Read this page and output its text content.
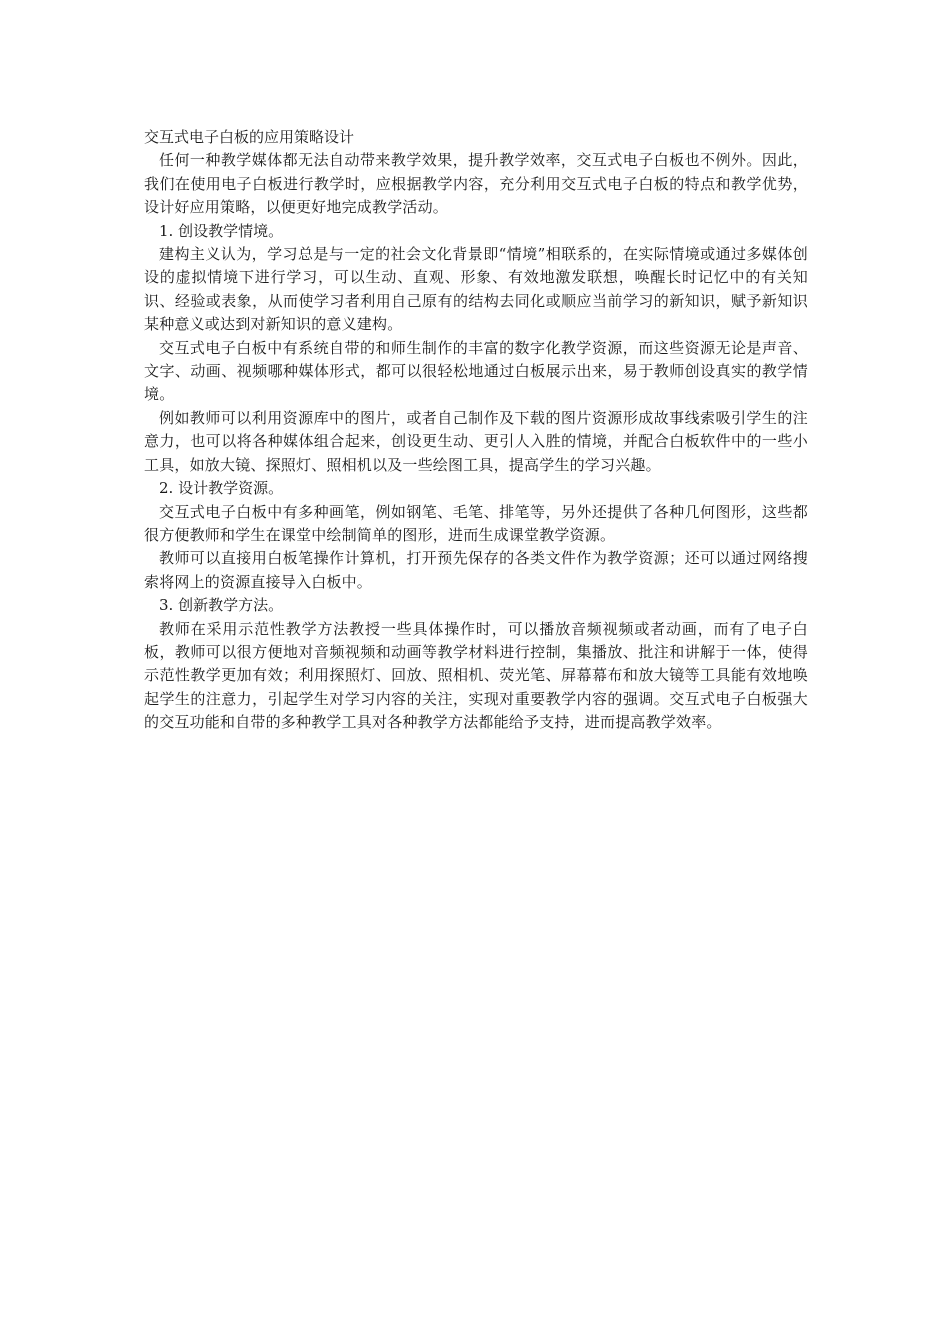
交互式电子白板的应用策略设计

任何一种教学媒体都无法自动带来教学效果，提升教学效率，交互式电子白板也不例外。因此，我们在使用电子白板进行教学时，应根据教学内容，充分利用交互式电子白板的特点和教学优势，设计好应用策略，以便更好地完成教学活动。

1. 创设教学情境。

建构主义认为，学习总是与一定的社会文化背景即“情境”相联系的，在实际情境或通过多媒体创设的虚拟情境下进行学习，可以生动、直观、形象、有效地激发联想，唤醒长时记忆中的有关知识、经验或表象，从而使学习者利用自己原有的结构去同化或顺应当前学习的新知识，赋予新知识某种意义或达到对新知识的意义建构。

交互式电子白板中有系统自带的和师生制作的丰富的数字化教学资源，而这些资源无论是声音、文字、动画、视频哪种媒体形式，都可以很轻松地通过白板展示出来，易于教师创设真实的教学情境。

例如教师可以利用资源库中的图片，或者自己制作及下载的图片资源形成故事线索吸引学生的注意力，也可以将各种媒体组合起来，创设更生动、更引人入胜的情境，并配合白板软件中的一些小工具，如放大镜、探照灯、照相机以及一些绘图工具，提高学生的学习兴趣。

2. 设计教学资源。

交互式电子白板中有多种画笔，例如钢笔、毛笔、排笔等，另外还提供了各种几何图形，这些都很方便教师和学生在课堂中绘制简单的图形，进而生成课堂教学资源。

教师可以直接用白板笔操作计算机，打开预先保存的各类文件作为教学资源；还可以通过网络搜索将网上的资源直接导入白板中。

3. 创新教学方法。

教师在采用示范性教学方法教授一些具体操作时，可以播放音频视频或者动画，而有了电子白板，教师可以很方便地对音频视频和动画等教学材料进行控制，集播放、批注和讲解于一体，使得示范性教学更加有效；利用探照灯、回放、照相机、荧光笔、屏幕幕布和放大镜等工具能有效地唤起学生的注意力，引起学生对学习内容的关注，实现对重要教学内容的强调。交互式电子白板强大的交互功能和自带的多种教学工具对各种教学方法都能给予支持，进而提高教学效率。
